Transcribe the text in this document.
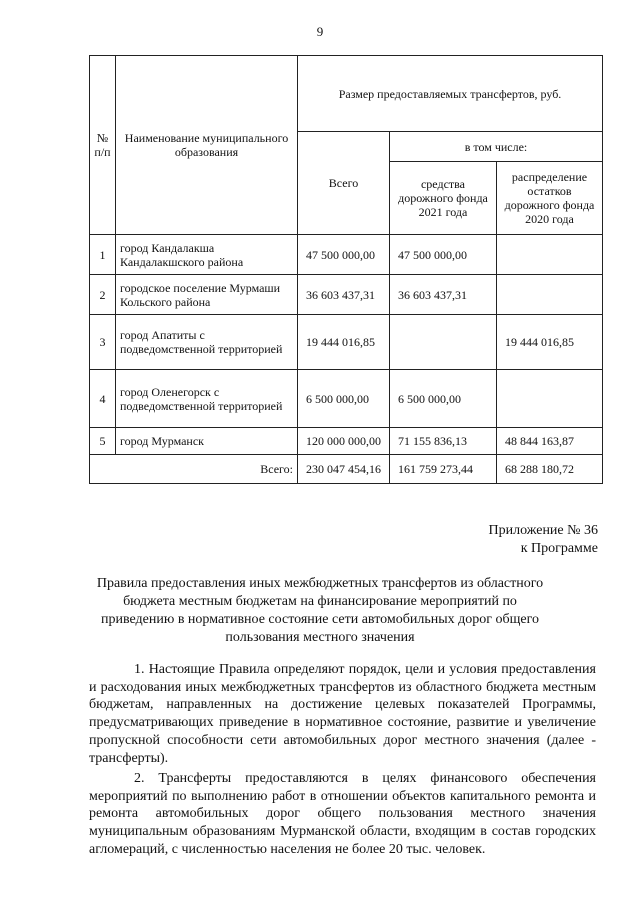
9
№ п/п	Наименование муниципального образования	Размер предоставляемых трансфертов, руб.		
		Всего	в том числе:	
			средства дорожного фонда 2021 года	распределение остатков дорожного фонда 2020 года
1	город Кандалакша Кандалакшского района	47 500 000,00	47 500 000,00	
2	городское поселение Мурмаши Кольского района	36 603 437,31	36 603 437,31	
3	город Апатиты с подведомственной территорией	19 444 016,85		19 444 016,85
4	город Оленегорск с подведомственной территорией	6 500 000,00	6 500 000,00	
5	город Мурманск	120 000 000,00	71 155 836,13	48 844 163,87
Всего:		230 047 454,16	161 759 273,44	68 288 180,72
Приложение № 36
к Программе
Правила предоставления иных межбюджетных трансфертов из областного бюджета местным бюджетам на финансирование мероприятий по приведению в нормативное состояние сети автомобильных дорог общего пользования местного значения
1. Настоящие Правила определяют порядок, цели и условия предоставления и расходования иных межбюджетных трансфертов из областного бюджета местным бюджетам, направленных на достижение целевых показателей Программы, предусматривающих приведение в нормативное состояние, развитие и увеличение пропускной способности сети автомобильных дорог местного значения (далее - трансферты).
2. Трансферты предоставляются в целях финансового обеспечения мероприятий по выполнению работ в отношении объектов капитального ремонта и ремонта автомобильных дорог общего пользования местного значения муниципальным образованиям Мурманской области, входящим в состав городских агломераций, с численностью населения не более 20 тыс. человек.
